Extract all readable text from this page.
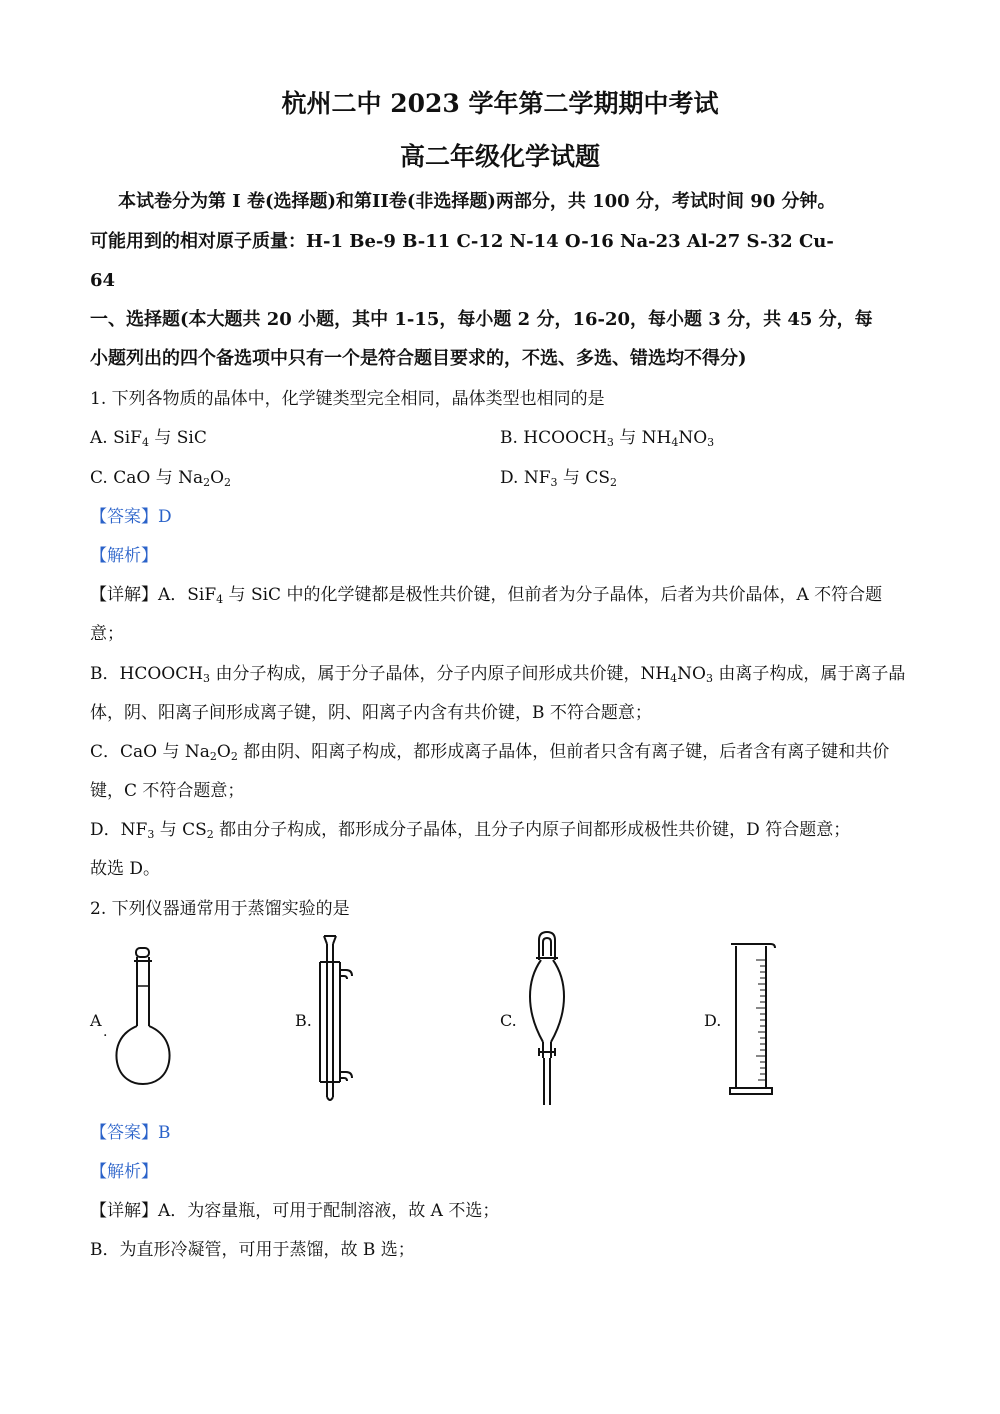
杭州二中 2023 学年第二学期期中考试
高二年级化学试题
本试卷分为第 I 卷(选择题)和第II卷(非选择题)两部分，共 100 分，考试时间 90 分钟。
可能用到的相对原子质量：H-1 Be-9 B-11 C-12 N-14 O-16 Na-23 Al-27 S-32 Cu-
64
一、选择题(本大题共 20 小题，其中 1-15，每小题 2 分，16-20，每小题 3 分，共 45 分，每
小题列出的四个备选项中只有一个是符合题目要求的，不选、多选、错选均不得分)
1. 下列各物质的晶体中，化学键类型完全相同，晶体类型也相同的是
A. SiF$_4$ 与 SiC	B. $HCOOCH_3$ 与 $NH_4NO_3$
C. CaO 与 $Na_2O_2$	D. $NF_3$ 与 $CS_2$
【答案】D
【解析】
【详解】A．SiF$_4$ 与 SiC 中的化学键都是极性共价键，但前者为分子晶体，后者为共价晶体，A 不符合题
意；
B．$HCOOCH_3$ 由分子构成，属于分子晶体，分子内原子间形成共价键，$NH_4NO_3$ 由离子构成，属于离子晶
体，阴、阳离子间形成离子键，阴、阳离子内含有共价键，B 不符合题意；
C．CaO 与 $Na_2O_2$ 都由阴、阳离子构成，都形成离子晶体，但前者只含有离子键，后者含有离子键和共价
键，C 不符合题意；
D．$NF_3$ 与 $CS_2$ 都由分子构成，都形成分子晶体，且分子内原子间都形成极性共价键，D 符合题意；
故选 D。
2. 下列仪器通常用于蒸馏实验的是
A
.
B.	C.	D.
【答案】B
【解析】
【详解】A．为容量瓶，可用于配制溶液，故 A 不选；
B．为直形冷凝管，可用于蒸馏，故 B 选；
